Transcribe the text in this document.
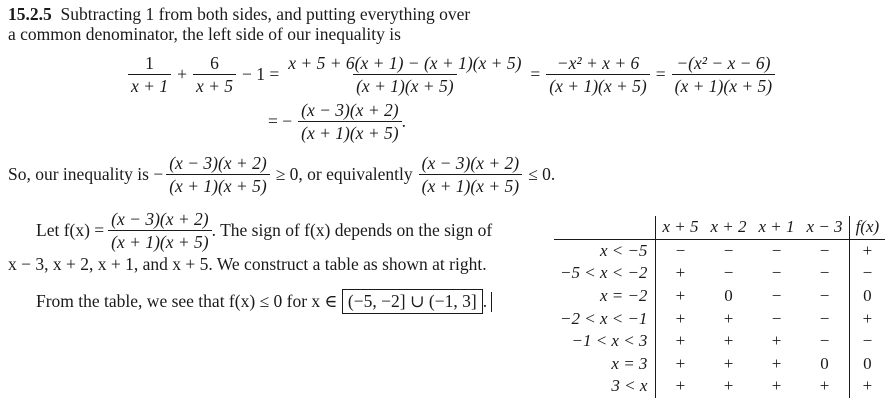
15.2.5 Subtracting 1 from both sides, and putting everything over
a common denominator, the left side of our inequality is
$\frac{1}{x + 1} + \frac{6}{x + 5} - 1 = \frac{x + 5 + 6(x + 1) - (x + 1)(x + 5)}{(x + 1)(x + 5)} = \frac{\text{−x² + x + 6}}{(x + 1)(x + 5)} = \frac{\text{−(x² − x − 6)}}{(x + 1)(x + 5)}$
= − $\frac{(x - 3)(x + 2)}{(x + 1)(x + 5)}$ .
So, our inequality is − $\frac{(x - 3)(x + 2)}{(x + 1)(x + 5)} \ge 0$, or equivalently $\frac{(x - 3)(x + 2)}{(x + 1)(x + 5)} \le 0$.
Let $f(x) = \frac{(x - 3)(x + 2)}{(x + 1)(x + 5)}$ . The sign of f(x) depends on the sign of
x − 3, x + 2, x + 1, and x + 5. We construct a table as shown at right.
From the table, we see that f(x) ≤ 0 for x ∈
(−5, −2] ∪ (−1, 3] .
	x + 5	x + 2	x + 1	x − 3	f(x)
x < −5	−	−	−	−	+
−5 < x < −2	+	−	−	−	−
x = −2	+	0	−	−	0
−2 < x < −1	+	+	−	−	+
−1 < x < 3	+	+	+	−	−
x = 3	+	+	+	0	0
3 < x	+	+	+	+	+
